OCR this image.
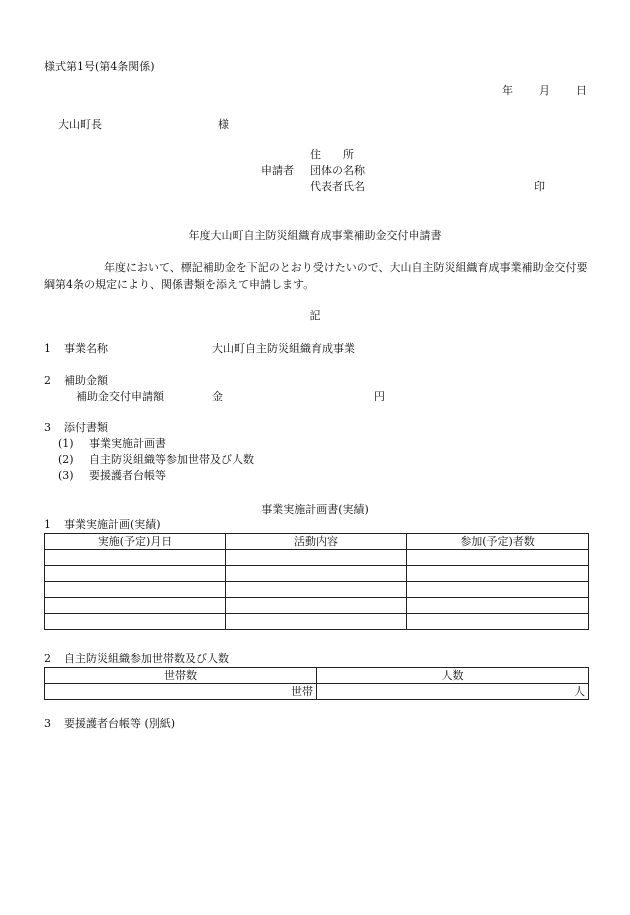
様式第1号(第4条関係)
年 月 日
大山町長	様
住　　所
申請者 団体の名称
代表者氏名	印
年度大山町自主防災組織育成事業補助金交付申請書
年度において、標記補助金を下記のとおり受けたいので、大山自主防災組織育成事業補助金交付要綱第4条の規定により、関係書類を添えて申請します。
記
1 事業名称	大山町自主防災組織育成事業
2 補助金額
補助金交付申請額	金	円
3 添付書類
(1) 事業実施計画書
(2) 自主防災組織等参加世帯及び人数
(3) 要援護者台帳等
事業実施計画書(実績)
1 事業実施計画(実績)
実施(予定)月日	活動内容	参加(予定)者数

2 自主防災組織参加世帯数及び人数
世帯数	人数
世帯	人
3 要援護者台帳等 (別紙)
